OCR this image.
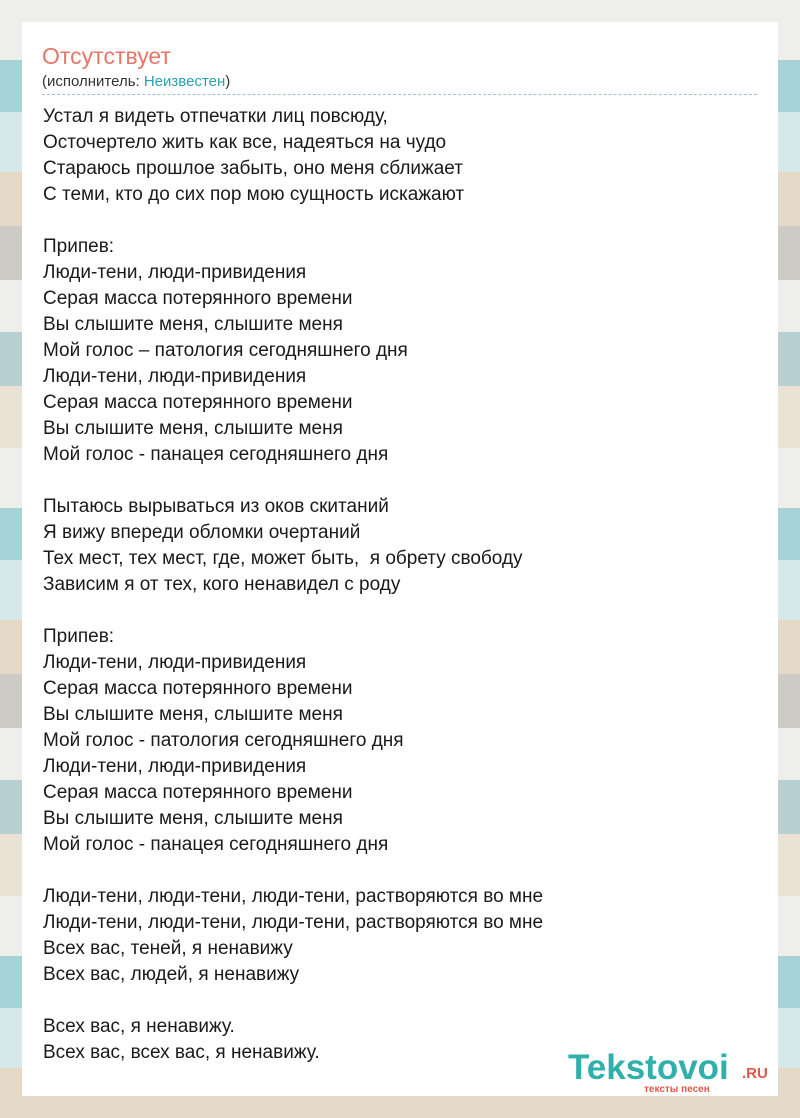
Отсутствует
(исполнитель: Неизвестен)
Устал я видеть отпечатки лиц повсюду,
Осточертело жить как все, надеяться на чудо
Стараюсь прошлое забыть, оно меня сближает
С теми, кто до сих пор мою сущность искажают
Припев:
Люди-тени, люди-привидения
Серая масса потерянного времени
Вы слышите меня, слышите меня
Мой голос – патология сегодняшнего дня
Люди-тени, люди-привидения
Серая масса потерянного времени
Вы слышите меня, слышите меня
Мой голос - панацея сегодняшнего дня
Пытаюсь вырываться из оков скитаний
Я вижу впереди обломки очертаний
Тех мест, тех мест, где, может быть,  я обрету свободу
Зависим я от тех, кого ненавидел с роду
Припев:
Люди-тени, люди-привидения
Серая масса потерянного времени
Вы слышите меня, слышите меня
Мой голос - патология сегодняшнего дня
Люди-тени, люди-привидения
Серая масса потерянного времени
Вы слышите меня, слышите меня
Мой голос - панацея сегодняшнего дня
Люди-тени, люди-тени, люди-тени, растворяются во мне
Люди-тени, люди-тени, люди-тени, растворяются во мне
Всех вас, теней, я ненавижу
Всех вас, людей, я ненавижу
Всех вас, я ненавижу.
Всех вас, всех вас, я ненавижу.	Tekstovoi .RU
тексты песен
